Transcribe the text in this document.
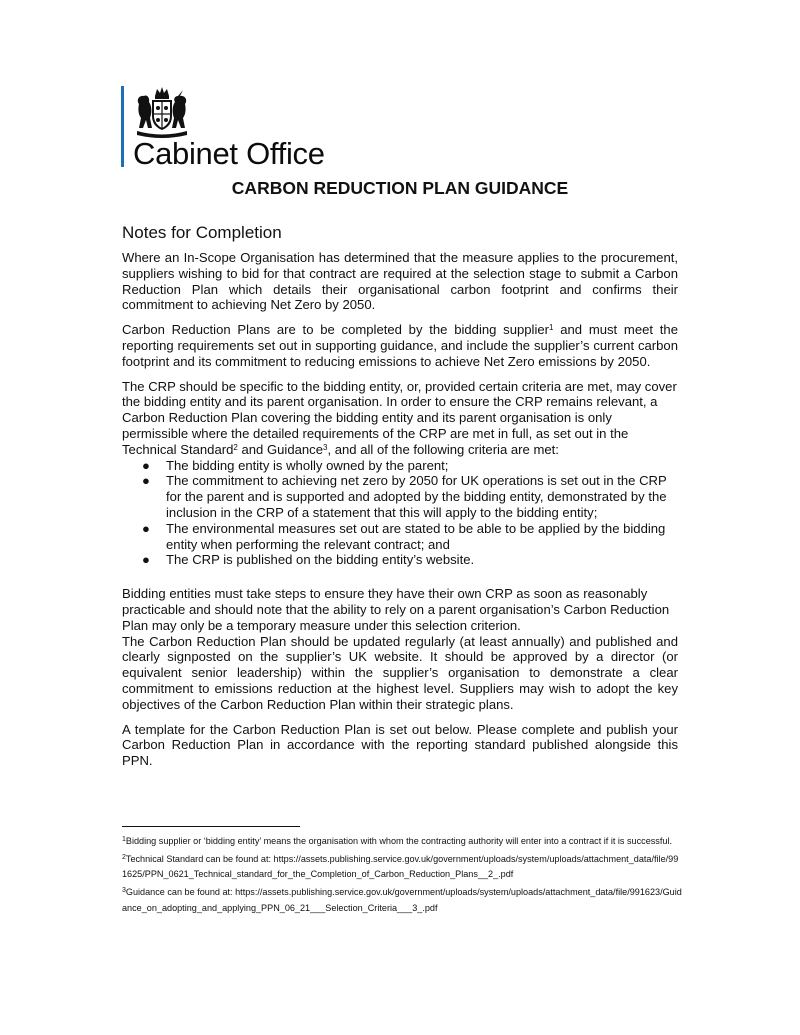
Cabinet Office
CARBON REDUCTION PLAN GUIDANCE
Notes for Completion

Where an In-Scope Organisation has determined that the measure applies to the procurement, suppliers wishing to bid for that contract are required at the selection stage to submit a Carbon Reduction Plan which details their organisational carbon footprint and confirms their commitment to achieving Net Zero by 2050.

Carbon Reduction Plans are to be completed by the bidding supplier$^1$ and must meet the reporting requirements set out in supporting guidance, and include the supplier’s current carbon footprint and its commitment to reducing emissions to achieve Net Zero emissions by 2050.

The CRP should be specific to the bidding entity, or, provided certain criteria are met, may cover the bidding entity and its parent organisation. In order to ensure the CRP remains relevant, a Carbon Reduction Plan covering the bidding entity and its parent organisation is only permissible where the detailed requirements of the CRP are met in full, as set out in the Technical Standard$^2$ and Guidance$^3$, and all of the following criteria are met:

● The bidding entity is wholly owned by the parent;
● The commitment to achieving net zero by 2050 for UK operations is set out in the CRP for the parent and is supported and adopted by the bidding entity, demonstrated by the inclusion in the CRP of a statement that this will apply to the bidding entity;
● The environmental measures set out are stated to be able to be applied by the bidding entity when performing the relevant contract; and
● The CRP is published on the bidding entity’s website.

Bidding entities must take steps to ensure they have their own CRP as soon as reasonably practicable and should note that the ability to rely on a parent organisation’s Carbon Reduction Plan may only be a temporary measure under this selection criterion.

The Carbon Reduction Plan should be updated regularly (at least annually) and published and clearly signposted on the supplier’s UK website. It should be approved by a director (or equivalent senior leadership) within the supplier’s organisation to demonstrate a clear commitment to emissions reduction at the highest level. Suppliers may wish to adopt the key objectives of the Carbon Reduction Plan within their strategic plans.

A template for the Carbon Reduction Plan is set out below. Please complete and publish your Carbon Reduction Plan in accordance with the reporting standard published alongside this PPN.

$^1$Bidding supplier or ‘bidding entity’ means the organisation with whom the contracting authority will enter into a contract if it is successful.

$^2$Technical Standard can be found at: https://assets.publishing.service.gov.uk/government/uploads/system/uploads/attachment_data/file/991625/PPN_0621_Technical_standard_for_the_Completion_of_Carbon_Reduction_Plans__2_.pdf

$^3$Guidance can be found at: https://assets.publishing.service.gov.uk/government/uploads/system/uploads/attachment_data/file/991623/Guidance_on_adopting_and_applying_PPN_06_21___Selection_Criteria___3_.pdf
